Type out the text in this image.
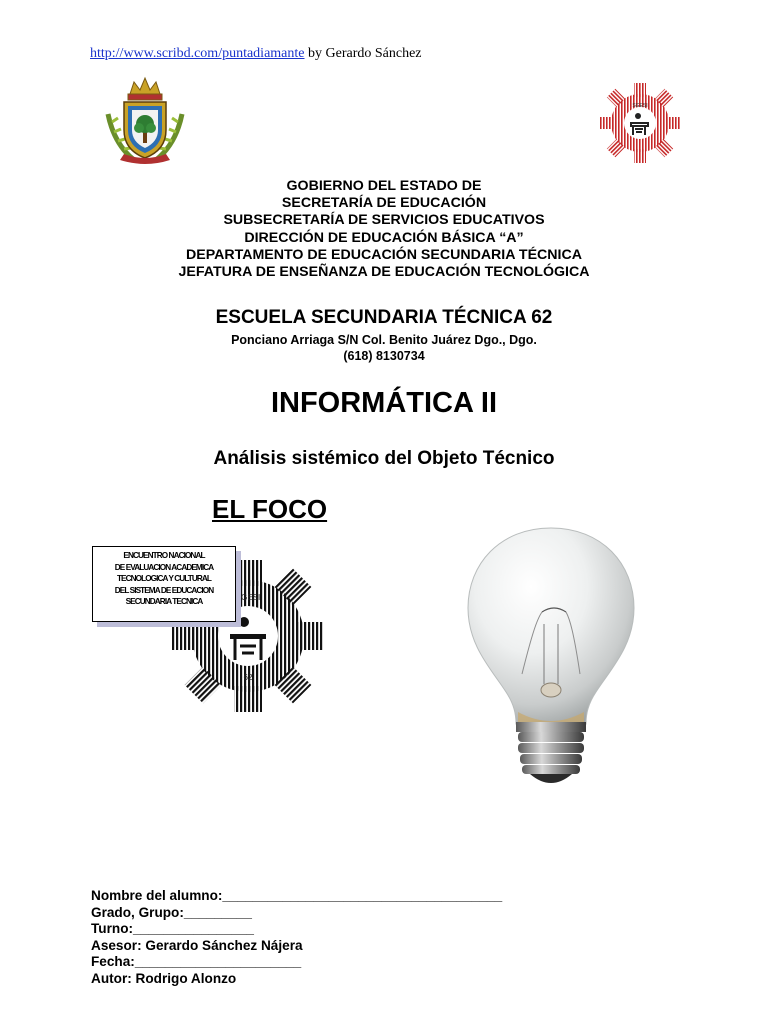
http://www.scribd.com/puntadiamante by Gerardo Sánchez
SGESI
GOBIERNO DEL ESTADO DE
SECRETARÍA DE EDUCACIÓN
SUBSECRETARÍA DE SERVICIOS EDUCATIVOS
DIRECCIÓN DE EDUCACIÓN BÁSICA “A”
DEPARTAMENTO DE EDUCACIÓN SECUNDARIA TÉCNICA
JEFATURA DE ENSEÑANZA DE EDUCACIÓN TECNOLÓGICA
ESCUELA SECUNDARIA TÉCNICA 62
Ponciano Arriaga S/N Col. Benito Juárez Dgo., Dgo.
(618) 8130734
INFORMÁTICA II
Análisis sistémico del Objeto Técnico
EL FOCO
ENCUENTRO NACIONAL
DE EVALUACION ACADEMICA
TECNOLOGICA Y CULTURAL
DEL SISTEMA DE EDUCACION
SECUNDARIA TECNICA	SGESI
62
Nombre del alumno:_____________________________________
Grado, Grupo:_________
Turno:________________
Asesor: Gerardo Sánchez Nájera
Fecha:______________________
Autor: Rodrigo Alonzo
